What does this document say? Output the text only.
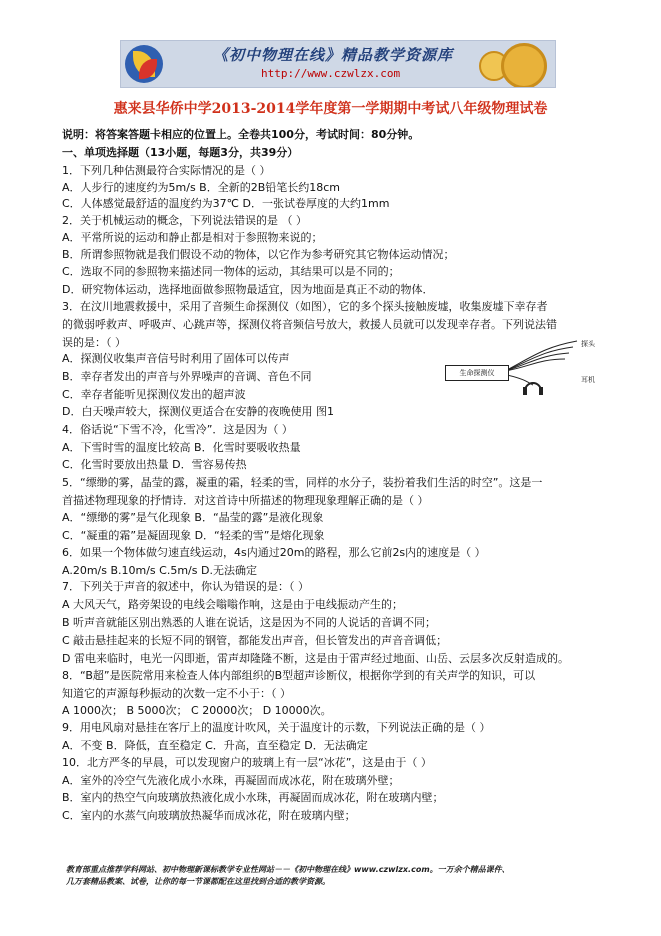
《初中物理在线》精品教学资源库
http://www.czwlzx.com
惠来县华侨中学2013-2014学年度第一学期期中考试八年级物理试卷
说明：将答案答题卡相应的位置上。全卷共100分，考试时间：80分钟。
一、单项选择题（13小题，每题3分，共39分）
1．下列几种估测最符合实际情况的是（ ）
A．人步行的速度约为5m/s B．全新的2B铅笔长约18cm
C．人体感觉最舒适的温度约为37℃ D．一张试卷厚度的大约1mm
2．关于机械运动的概念，下列说法错误的是 （ ）
A．平常所说的运动和静止都是相对于参照物来说的；
B．所谓参照物就是我们假设不动的物体，以它作为参考研究其它物体运动情况；
C．选取不同的参照物来描述同一物体的运动，其结果可以是不同的；
D．研究物体运动，选择地面做参照物最适宜，因为地面是真正不动的物体．
3．在汶川地震救援中，采用了音频生命探测仪（如图），它的多个探头接触废墟，收集废墟下幸存者
的微弱呼救声、呼吸声、心跳声等，探测仪将音频信号放大，救援人员就可以发现幸存者。下列说法错
误的是：（ ）
A．探测仪收集声音信号时利用了固体可以传声
B．幸存者发出的声音与外界噪声的音调、音色不同
C．幸存者能听见探测仪发出的超声波
D．白天噪声较大，探测仪更适合在安静的夜晚使用 图1
4．俗话说“下雪不冷，化雪冷”．这是因为（ ）
A．下雪时雪的温度比较高 B．化雪时要吸收热量
C．化雪时要放出热量 D．雪容易传热
5．“缥缈的雾，晶莹的露，凝重的霜，轻柔的雪，同样的水分子，装扮着我们生活的时空”。这是一
首描述物理现象的抒情诗．对这首诗中所描述的物理现象理解正确的是（ ）
A．“缥缈的雾”是气化现象 B．“晶莹的露”是液化现象
C．“凝重的霜”是凝固现象 D．“轻柔的雪”是熔化现象
6．如果一个物体做匀速直线运动，4s内通过20m的路程，那么它前2s内的速度是（ ）
A.20m/s B.10m/s C.5m/s D.无法确定
7．下列关于声音的叙述中，你认为错误的是：（ ）
A 大风天气，路旁架设的电线会嗡嗡作响，这是由于电线振动产生的；
B 听声音就能区别出熟悉的人谁在说话，这是因为不同的人说话的音调不同；
C 敲击悬挂起来的长短不同的钢管，都能发出声音，但长管发出的声音音调低；
D 雷电来临时，电光一闪即逝，雷声却隆隆不断，这是由于雷声经过地面、山岳、云层多次反射造成的。
8．“B超”是医院常用来检查人体内部组织的B型超声诊断仪，根据你学到的有关声学的知识，可以
知道它的声源每秒振动的次数一定不小于：（ ）
A 1000次； B 5000次； C 20000次； D 10000次。
9．用电风扇对悬挂在客厅上的温度计吹风，关于温度计的示数，下列说法正确的是（ ）
A．不变 B．降低，直至稳定 C．升高，直至稳定 D．无法确定
10．北方严冬的早晨，可以发现窗户的玻璃上有一层“冰花”，这是由于（ ）
A．室外的冷空气先液化成小水珠，再凝固而成冰花，附在玻璃外壁；
B．室内的热空气向玻璃放热液化成小水珠，再凝固而成冰花，附在玻璃内壁；
C．室内的水蒸气向玻璃放热凝华而成冰花，附在玻璃内壁；
生命探测仪
探头
耳机
教育部重点推荐学科网站、初中物理新课标教学专业性网站－－《初中物理在线》www.czwlzx.com。一万余个精品课件、
几万套精品教案、试卷，让你的每一节课都配在这里找到合适的教学资源。
